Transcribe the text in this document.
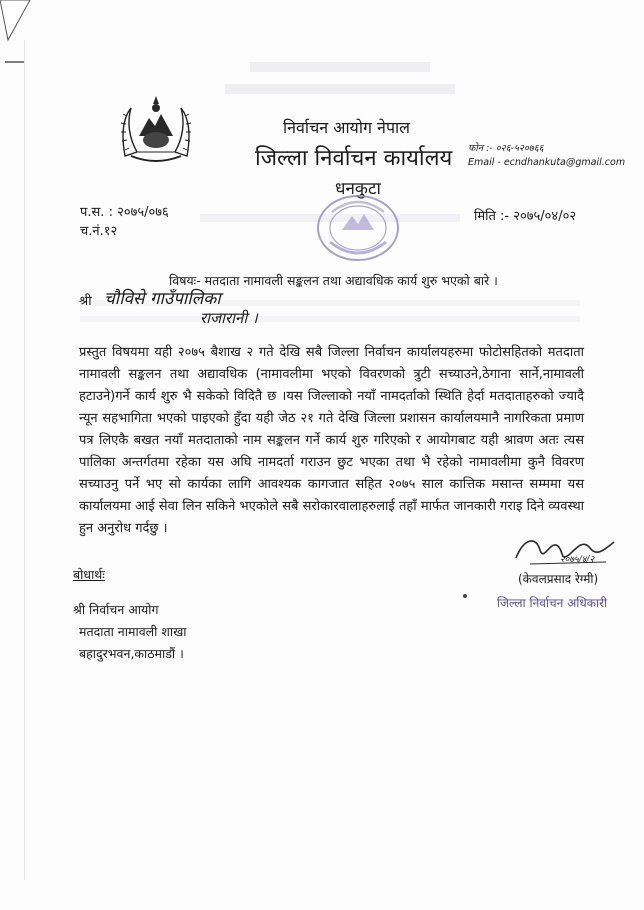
निर्वाचन आयोग नेपाल
जिल्ला निर्वाचन कार्यालय
धनकुटा
फोन :- ०२६-५२०७६६
Email - ecndhankuta@gmail.com
प.स. : २०७५/०७६
च.नं.१२
मिति :- २०७५/०४/०२
विषयः- मतदाता नामावली सङ्कलन तथा अद्यावधिक कार्य शुरु भएको बारे ।
श्री चौविसे गाउँपालिका
राजारानी ।
प्रस्तुत विषयमा यही २०७५ बैशाख २ गते देखि सबै जिल्ला निर्वाचन कार्यालयहरुमा फोटोसहितको मतदाता नामावली सङ्कलन तथा अद्यावधिक (नामावलीमा भएको विवरणको त्रुटी सच्याउने,ठेगाना सार्ने,नामावली हटाउने)गर्ने कार्य शुरु भै सकेको विदितै छ ।यस जिल्लाको नयाँ नामदर्ताको स्थिति हेर्दा मतदाताहरुको ज्यादै न्यून सहभागिता भएको पाइएको हुँदा यही जेठ २१ गते देखि जिल्ला प्रशासन कार्यालयमानै नागरिकता प्रमाण पत्र लिएकै बखत नयाँ मतदाताको नाम सङ्कलन गर्ने कार्य शुरु गरिएको र आयोगबाट यही श्रावण अतः त्यस पालिका अन्तर्गतमा रहेका यस अघि नामदर्ता गराउन छुट भएका तथा भै रहेको नामावलीमा कुनै विवरण सच्याउनु पर्ने भए सो कार्यका लागि आवश्यक कागजात सहित २०७५ साल कात्तिक मसान्त सम्ममा यस कार्यालयमा आई सेवा लिन सकिने भएकोले सबै सरोकारवालाहरुलाई तहाँ मार्फत जानकारी गराइ दिने व्यवस्था हुन अनुरोध गर्दछु ।
२०७५/४/२
(केवलप्रसाद रेग्मी)
जिल्ला निर्वाचन अधिकारी
बोधार्थः
श्री निर्वाचन आयोग
मतदाता नामावली शाखा
बहादुरभवन,काठमाडौं ।
